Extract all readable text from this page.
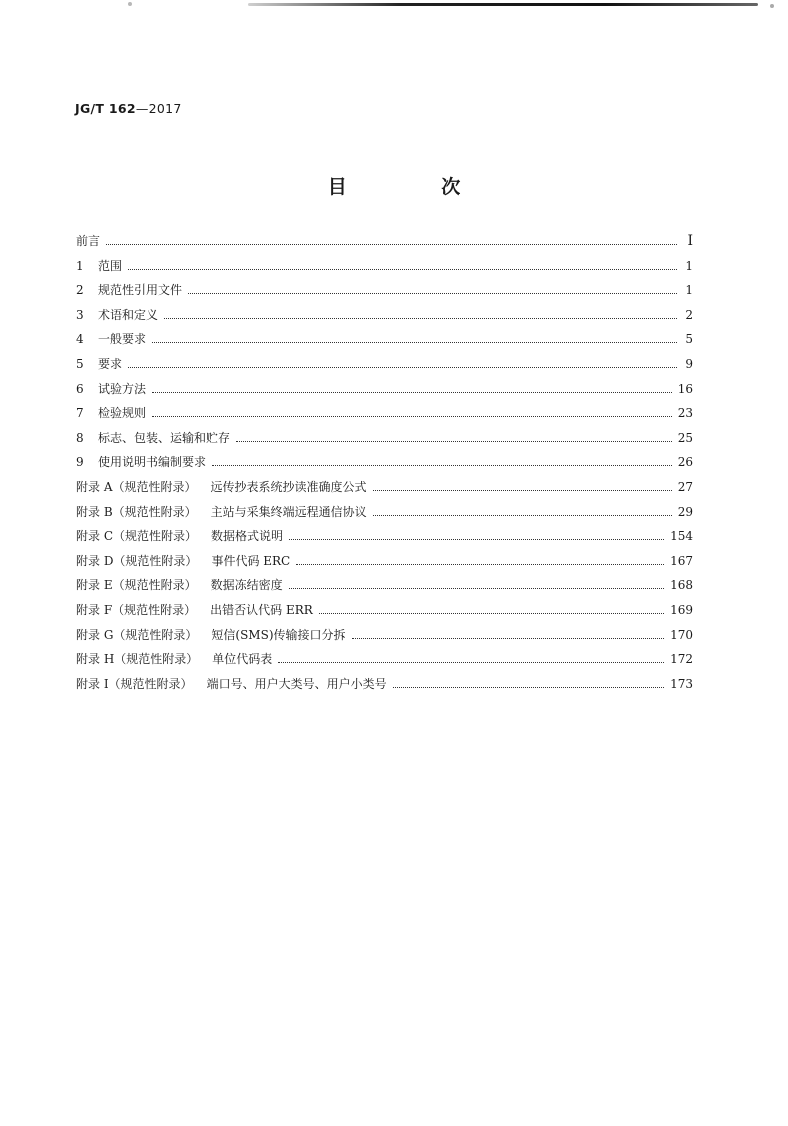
JG/T 162—2017
目 次
前言	I
1	范围	1
2	规范性引用文件	1
3	术语和定义	2
4	一般要求	5
5	要求	9
6	试验方法	16
7	检验规则	23
8	标志、包装、运输和贮存	25
9	使用说明书编制要求	26
附录 A（规范性附录） 远传抄表系统抄读准确度公式	27
附录 B（规范性附录） 主站与采集终端远程通信协议	29
附录 C（规范性附录） 数据格式说明	154
附录 D（规范性附录） 事件代码 ERC	167
附录 E（规范性附录） 数据冻结密度	168
附录 F（规范性附录） 出错否认代码 ERR	169
附录 G（规范性附录） 短信(SMS)传输接口分拆	170
附录 H（规范性附录） 单位代码表	172
附录 I（规范性附录） 端口号、用户大类号、用户小类号	173
